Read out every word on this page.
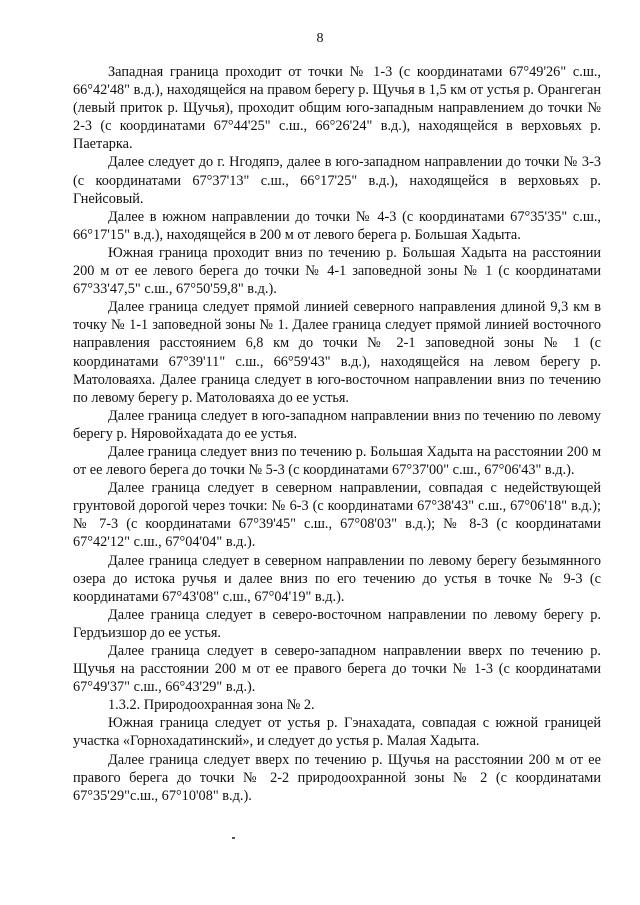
8

Западная граница проходит от точки № 1-3 (с координатами 67°49'26" с.ш., 66°42'48" в.д.), находящейся на правом берегу р. Щучья в 1,5 км от устья р. Орангеган (левый приток р. Щучья), проходит общим юго-западным направлением до точки № 2-3 (с координатами 67°44'25" с.ш., 66°26'24" в.д.), находящейся в верховьях р. Паетарка.

Далее следует до г. Нгодяпэ, далее в юго-западном направлении до точки № 3-3 (с координатами 67°37'13" с.ш., 66°17'25" в.д.), находящейся в верховьях р. Гнейсовый.

Далее в южном направлении до точки № 4-3 (с координатами 67°35'35" с.ш., 66°17'15" в.д.), находящейся в 200 м от левого берега р. Большая Хадыта.

Южная граница проходит вниз по течению р. Большая Хадыта на расстоянии 200 м от ее левого берега до точки № 4-1 заповедной зоны № 1 (с координатами 67°33'47,5" с.ш., 67°50'59,8" в.д.).

Далее граница следует прямой линией северного направления длиной 9,3 км в точку № 1-1 заповедной зоны № 1. Далее граница следует прямой линией восточного направления расстоянием 6,8 км до точки № 2-1 заповедной зоны № 1 (с координатами 67°39'11" с.ш., 66°59'43" в.д.), находящейся на левом берегу р. Матоловаяха. Далее граница следует в юго-восточном направлении вниз по течению по левому берегу р. Матоловаяха до ее устья.

Далее граница следует в юго-западном направлении вниз по течению по левому берегу р. Няровойхадата до ее устья.

Далее граница следует вниз по течению р. Большая Хадыта на расстоянии 200 м от ее левого берега до точки № 5-3 (с координатами 67°37'00" с.ш., 67°06'43" в.д.).

Далее граница следует в северном направлении, совпадая с недействующей грунтовой дорогой через точки: № 6-3 (с координатами 67°38'43" с.ш., 67°06'18" в.д.); № 7-3 (с координатами 67°39'45" с.ш., 67°08'03" в.д.); № 8-3 (с координатами 67°42'12" с.ш., 67°04'04" в.д.).

Далее граница следует в северном направлении по левому берегу безымянного озера до истока ручья и далее вниз по его течению до устья в точке № 9-3 (с координатами 67°43'08" с.ш., 67°04'19" в.д.).

Далее граница следует в северо-восточном направлении по левому берегу р. Гердъизшор до ее устья.

Далее граница следует в северо-западном направлении вверх по течению р. Щучья на расстоянии 200 м от ее правого берега до точки № 1-3 (с координатами 67°49'37" с.ш., 66°43'29" в.д.).

1.3.2. Природоохранная зона № 2.

Южная граница следует от устья р. Гэнахадата, совпадая с южной границей участка «Горнохадатинский», и следует до устья р. Малая Хадыта.

Далее граница следует вверх по течению р. Щучья на расстоянии 200 м от ее правого берега до точки № 2-2 природоохранной зоны № 2 (с координатами 67°35'29"с.ш., 67°10'08" в.д.).
